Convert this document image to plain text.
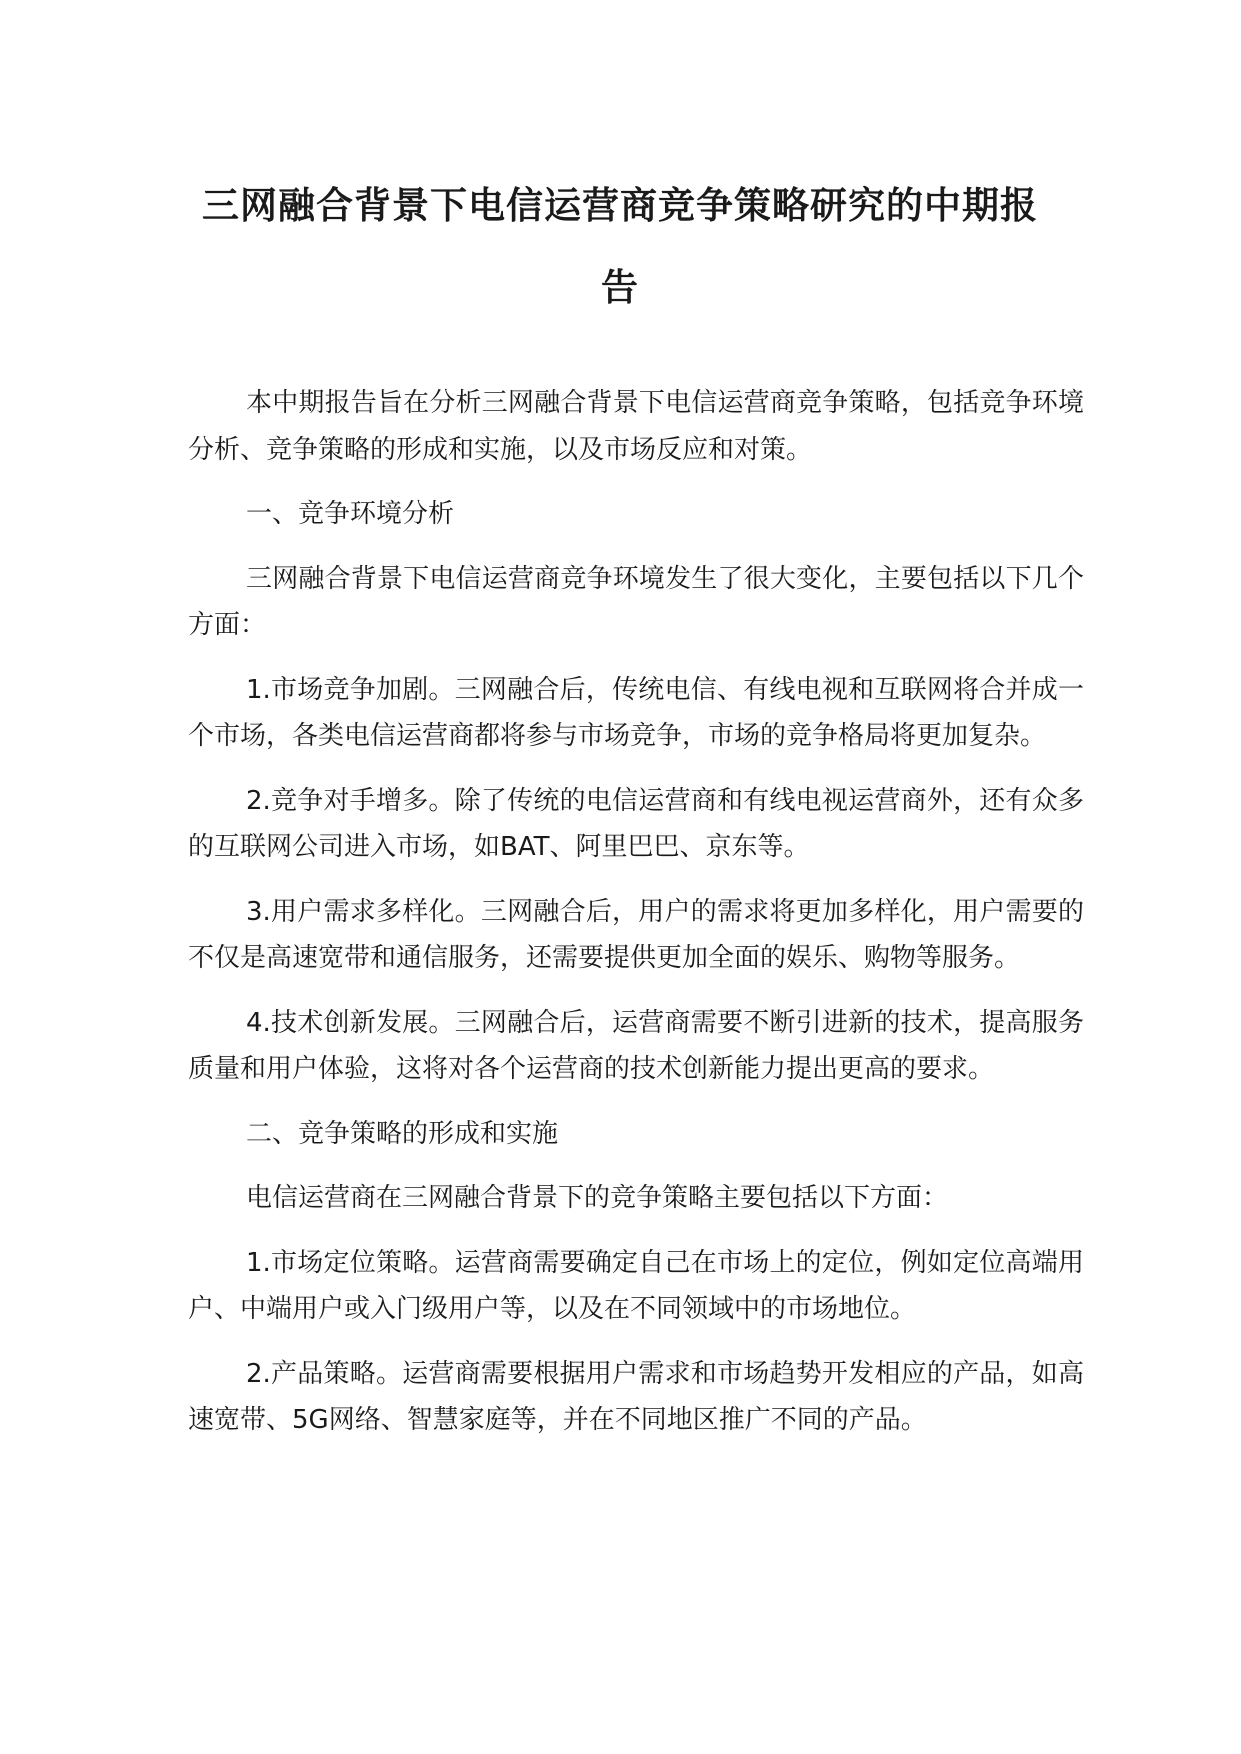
三网融合背景下电信运营商竞争策略研究的中期报
告

本中期报告旨在分析三网融合背景下电信运营商竞争策略，包括竞争环境分析、竞争策略的形成和实施，以及市场反应和对策。

一、竞争环境分析

三网融合背景下电信运营商竞争环境发生了很大变化，主要包括以下几个方面：

1.市场竞争加剧。三网融合后，传统电信、有线电视和互联网将合并成一个市场，各类电信运营商都将参与市场竞争，市场的竞争格局将更加复杂。

2.竞争对手增多。除了传统的电信运营商和有线电视运营商外，还有众多的互联网公司进入市场，如BAT、阿里巴巴、京东等。

3.用户需求多样化。三网融合后，用户的需求将更加多样化，用户需要的不仅是高速宽带和通信服务，还需要提供更加全面的娱乐、购物等服务。

4.技术创新发展。三网融合后，运营商需要不断引进新的技术，提高服务质量和用户体验，这将对各个运营商的技术创新能力提出更高的要求。

二、竞争策略的形成和实施

电信运营商在三网融合背景下的竞争策略主要包括以下方面：

1.市场定位策略。运营商需要确定自己在市场上的定位，例如定位高端用户、中端用户或入门级用户等，以及在不同领域中的市场地位。

2.产品策略。运营商需要根据用户需求和市场趋势开发相应的产品，如高速宽带、5G网络、智慧家庭等，并在不同地区推广不同的产品。
